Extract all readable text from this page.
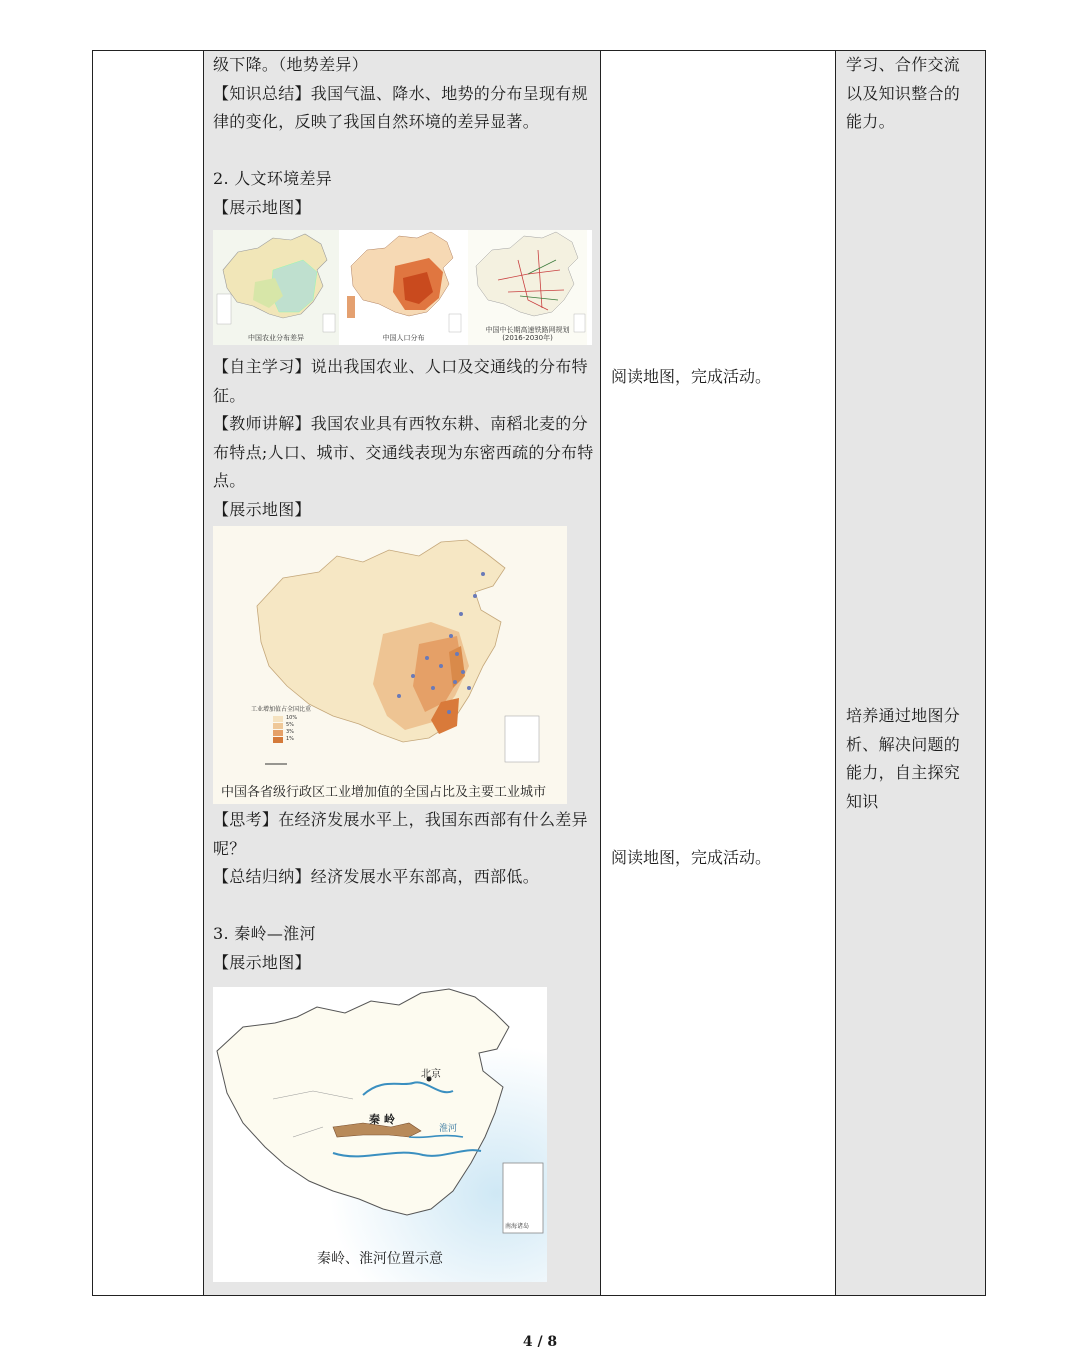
级下降。（地势差异）
【知识总结】我国气温、降水、地势的分布呈现有规
律的变化，反映了我国自然环境的差异显著。
2. 人文环境差异
【展示地图】
中国农业分布差异	中国人口分布
中国中长期高速铁路网规划
(2016-2030年)
【自主学习】说出我国农业、人口及交通线的分布特
征。
【教师讲解】我国农业具有西牧东耕、南稻北麦的分
布特点;人口、城市、交通线表现为东密西疏的分布特
点。
【展示地图】
工业增加值占全国比重
10%
5%
3%
1%
中国各省级行政区工业增加值的全国占比及主要工业城市
【思考】在经济发展水平上，我国东西部有什么差异
呢？
【总结归纳】经济发展水平东部高，西部低。
3. 秦岭—淮河
【展示地图】
北京
秦 岭
淮河
南海诸岛
秦岭、淮河位置示意
阅读地图，完成活动。
阅读地图，完成活动。
学习、合作交流以及知识整合的能力。
培养通过地图分析、解决问题的能力，自主探究知识
4 / 8
